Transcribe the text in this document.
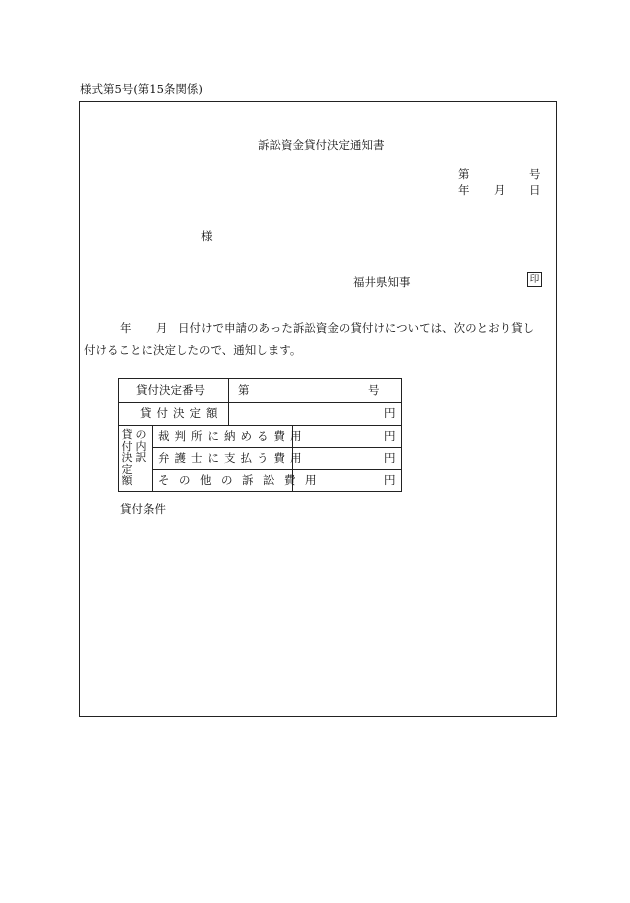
様式第5号(第15条関係)
訴訟資金貸付決定通知書
第	号
年 月 日
様
福井県知事	印
年 月 日付けで申請のあった訴訟資金の貸付けについては、次のとおり貸し
付けることに決定したので、通知します。
貸付決定番号	第	号
貸付決定額	円
貸付決定額
の内訳
裁判所に納める費用	円
弁護士に支払う費用	円
その他の訴訟費用	円
貸付条件
